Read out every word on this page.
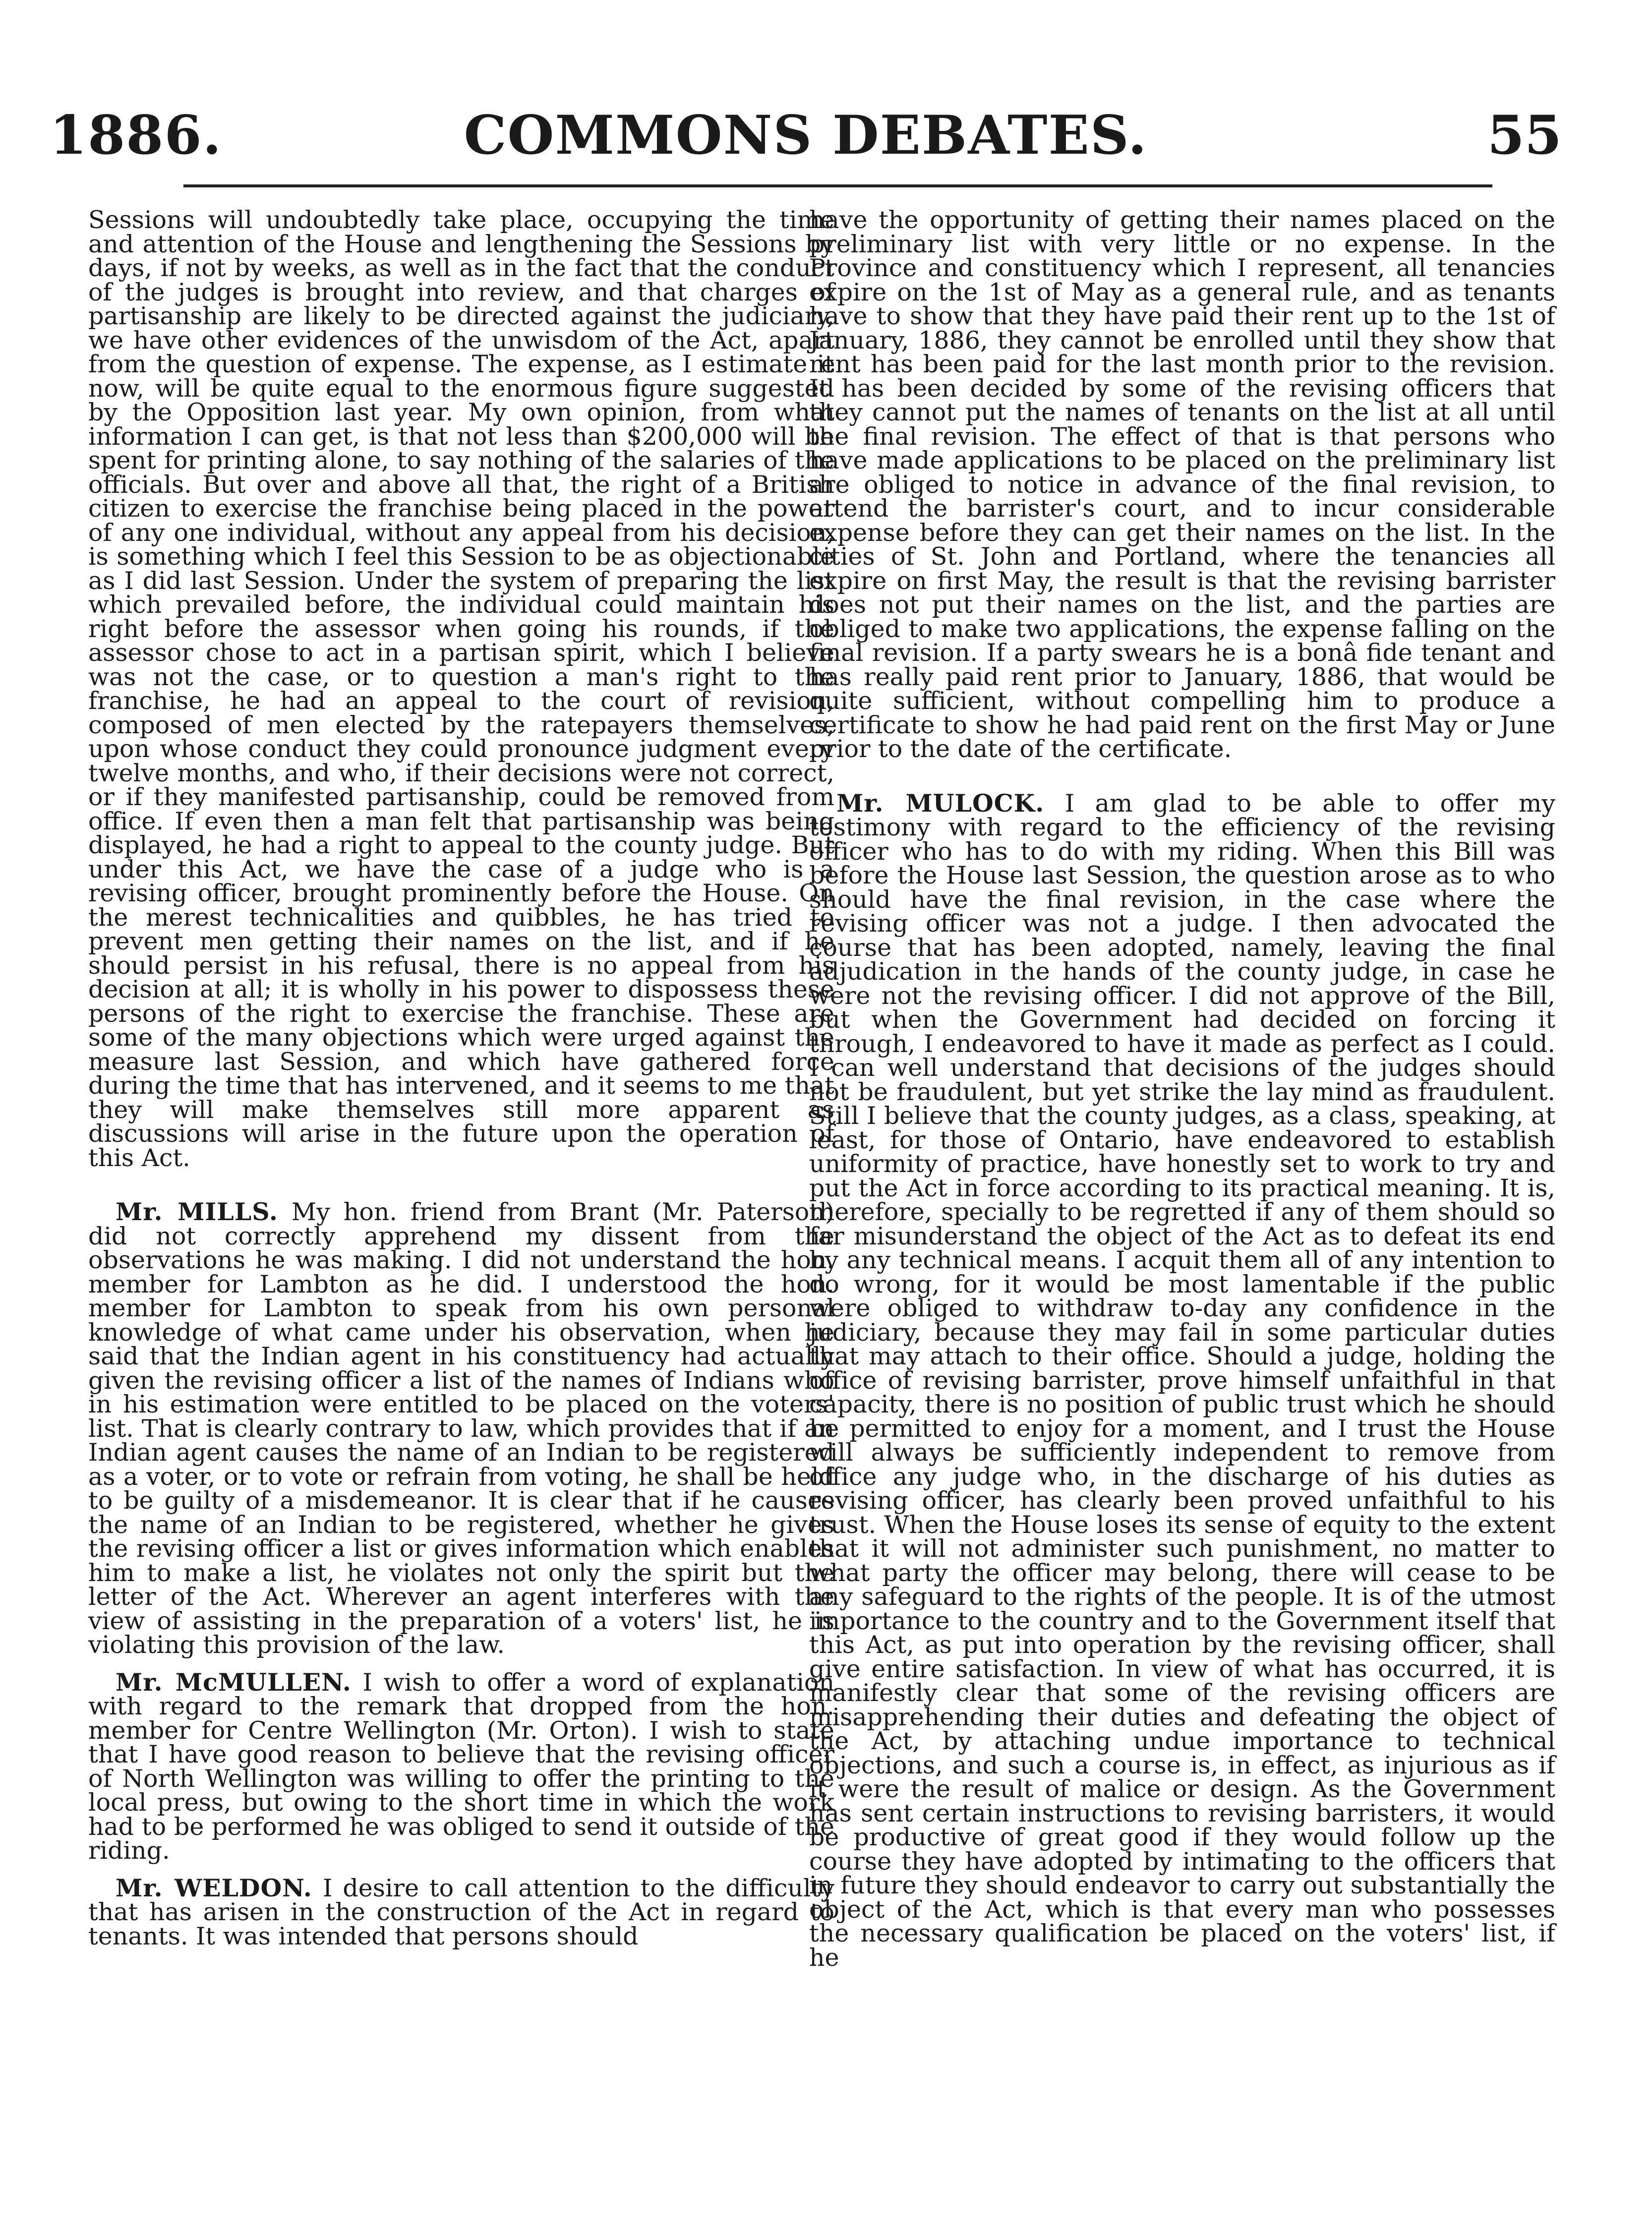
1886.	COMMONS DEBATES.	55

Sessions will undoubtedly take place, occupying the time and attention of the House and lengthening the Sessions by days, if not by weeks, as well as in the fact that the conduct of the judges is brought into review, and that charges of partisanship are likely to be directed against the judiciary, we have other evidences of the unwisdom of the Act, apart from the question of expense. The expense, as I estimate it now, will be quite equal to the enormous figure suggested by the Opposition last year. My own opinion, from what information I can get, is that not less than $200,000 will be spent for printing alone, to say nothing of the salaries of the officials. But over and above all that, the right of a British citizen to exercise the franchise being placed in the power of any one individual, without any appeal from his decision, is something which I feel this Session to be as objectionable as I did last Session. Under the system of preparing the list which prevailed before, the individual could maintain his right before the assessor when going his rounds, if the assessor chose to act in a partisan spirit, which I believe was not the case, or to question a man's right to the franchise, he had an appeal to the court of revision, composed of men elected by the ratepayers themselves, upon whose conduct they could pronounce judgment every twelve months, and who, if their decisions were not correct, or if they manifested partisanship, could be removed from office. If even then a man felt that partisanship was being displayed, he had a right to appeal to the county judge. But under this Act, we have the case of a judge who is a revising officer, brought prominently before the House. On the merest technicalities and quibbles, he has tried to prevent men getting their names on the list, and if he should persist in his refusal, there is no appeal from his decision at all; it is wholly in his power to dispossess these persons of the right to exercise the franchise. These are some of the many objections which were urged against the measure last Session, and which have gathered force during the time that has intervened, and it seems to me that they will make themselves still more apparent as discussions will arise in the future upon the operation of this Act.

Mr. MILLS. My hon. friend from Brant (Mr. Paterson) did not correctly apprehend my dissent from the observations he was making. I did not understand the hon. member for Lambton as he did. I understood the hon. member for Lambton to speak from his own personal knowledge of what came under his observation, when he said that the Indian agent in his constituency had actually given the revising officer a list of the names of Indians who in his estimation were entitled to be placed on the voters' list. That is clearly contrary to law, which provides that if an Indian agent causes the name of an Indian to be registered as a voter, or to vote or refrain from voting, he shall be held to be guilty of a misdemeanor. It is clear that if he causes the name of an Indian to be registered, whether he gives the revising officer a list or gives information which enables him to make a list, he violates not only the spirit but the letter of the Act. Wherever an agent interferes with the view of assisting in the preparation of a voters' list, he is violating this provision of the law.

Mr. McMULLEN. I wish to offer a word of explanation with regard to the remark that dropped from the hon. member for Centre Wellington (Mr. Orton). I wish to state that I have good reason to believe that the revising officer of North Wellington was willing to offer the printing to the local press, but owing to the short time in which the work had to be performed he was obliged to send it outside of the riding.

Mr. WELDON. I desire to call attention to the difficulty that has arisen in the construction of the Act in regard to tenants. It was intended that persons should

have the opportunity of getting their names placed on the preliminary list with very little or no expense. In the Province and constituency which I represent, all tenancies expire on the 1st of May as a general rule, and as tenants have to show that they have paid their rent up to the 1st of January, 1886, they cannot be enrolled until they show that rent has been paid for the last month prior to the revision. It has been decided by some of the revising officers that they cannot put the names of tenants on the list at all until the final revision. The effect of that is that persons who have made applications to be placed on the preliminary list are obliged to notice in advance of the final revision, to attend the barrister's court, and to incur considerable expense before they can get their names on the list. In the cities of St. John and Portland, where the tenancies all expire on first May, the result is that the revising barrister does not put their names on the list, and the parties are obliged to make two applications, the expense falling on the final revision. If a party swears he is a bonâ fide tenant and has really paid rent prior to January, 1886, that would be quite sufficient, without compelling him to produce a certificate to show he had paid rent on the first May or June prior to the date of the certificate.

Mr. MULOCK. I am glad to be able to offer my testimony with regard to the efficiency of the revising officer who has to do with my riding. When this Bill was before the House last Session, the question arose as to who should have the final revision, in the case where the revising officer was not a judge. I then advocated the course that has been adopted, namely, leaving the final adjudication in the hands of the county judge, in case he were not the revising officer. I did not approve of the Bill, but when the Government had decided on forcing it through, I endeavored to have it made as perfect as I could. I can well understand that decisions of the judges should not be fraudulent, but yet strike the lay mind as fraudulent. Still I believe that the county judges, as a class, speaking, at least, for those of Ontario, have endeavored to establish uniformity of practice, have honestly set to work to try and put the Act in force according to its practical meaning. It is, therefore, specially to be regretted if any of them should so far misunderstand the object of the Act as to defeat its end by any technical means. I acquit them all of any intention to do wrong, for it would be most lamentable if the public were obliged to withdraw to-day any confidence in the judiciary, because they may fail in some particular duties that may attach to their office. Should a judge, holding the office of revising barrister, prove himself unfaithful in that capacity, there is no position of public trust which he should be permitted to enjoy for a moment, and I trust the House will always be sufficiently independent to remove from office any judge who, in the discharge of his duties as revising officer, has clearly been proved unfaithful to his trust. When the House loses its sense of equity to the extent that it will not administer such punishment, no matter to what party the officer may belong, there will cease to be any safeguard to the rights of the people. It is of the utmost importance to the country and to the Government itself that this Act, as put into operation by the revising officer, shall give entire satisfaction. In view of what has occurred, it is manifestly clear that some of the revising officers are misapprehending their duties and defeating the object of the Act, by attaching undue importance to technical objections, and such a course is, in effect, as injurious as if it were the result of malice or design. As the Government has sent certain instructions to revising barristers, it would be productive of great good if they would follow up the course they have adopted by intimating to the officers that in future they should endeavor to carry out substantially the object of the Act, which is that every man who possesses the necessary qualification be placed on the voters' list, if he
